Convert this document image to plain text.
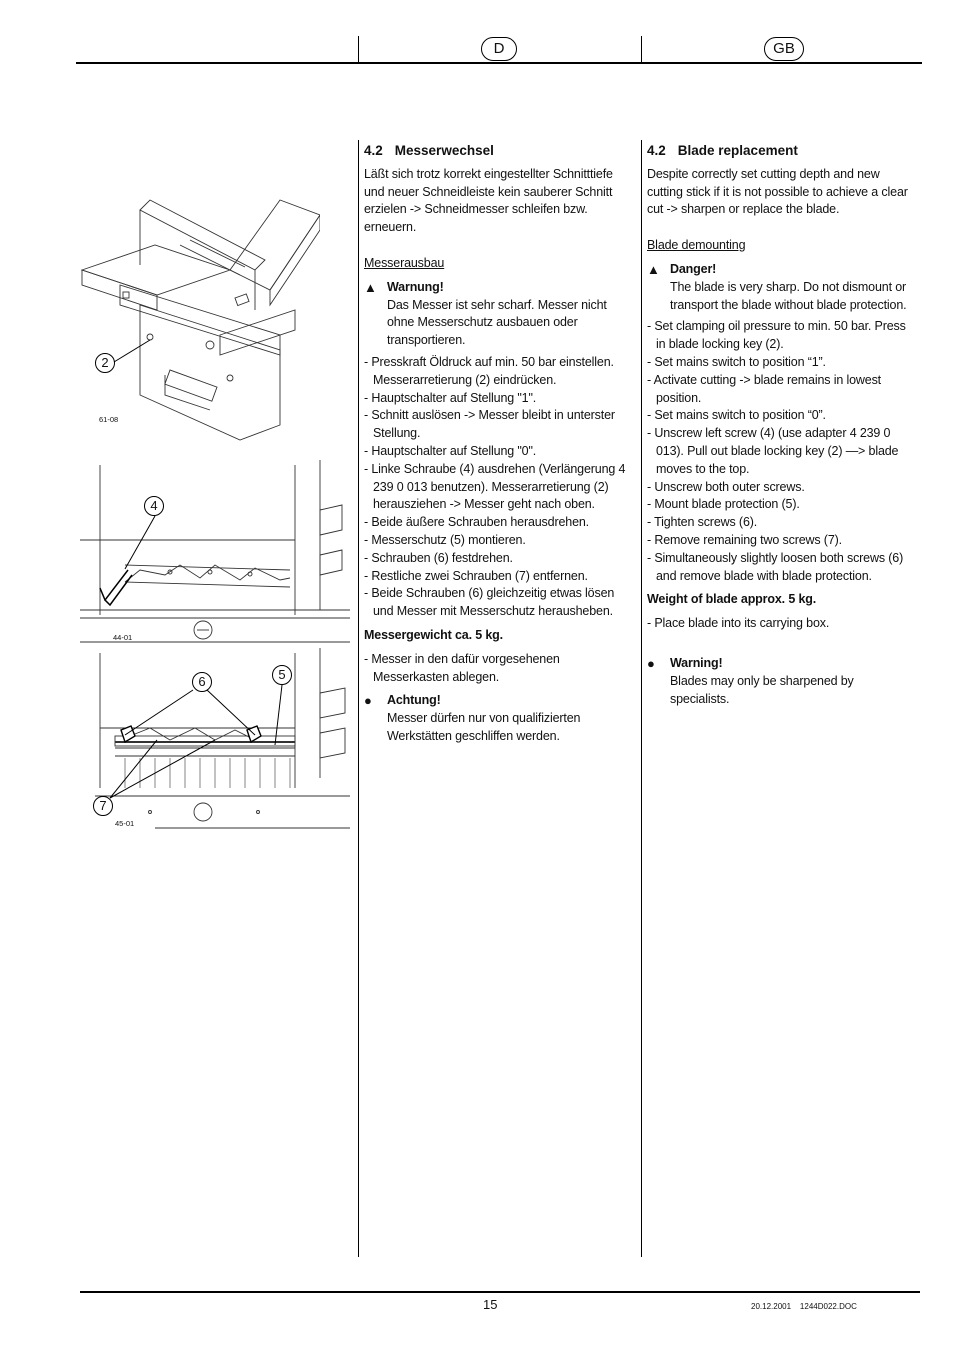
D	GB
2
61-08
4
44-01
6	5
7
45-01
4.2 Messerwechsel

Läßt sich trotz korrekt eingestellter Schnitttiefe und neuer Schneidleiste kein sauberer Schnitt erzielen -> Schneidmesser schleifen bzw. erneuern.

Messerausbau
▲ Warnung!
Das Messer ist sehr scharf. Messer nicht ohne Messerschutz ausbauen oder transportieren.
- Presskraft Öldruck auf min. 50 bar einstellen. Messerarretierung (2) eindrücken.
- Hauptschalter auf Stellung "1".
- Schnitt auslösen -> Messer bleibt in unterster Stellung.
- Hauptschalter auf Stellung "0".
- Linke Schraube (4) ausdrehen (Verlängerung 4 239 0 013 benutzen). Messerarretierung (2) herausziehen -> Messer geht nach oben.
- Beide äußere Schrauben herausdrehen.
- Messerschutz (5) montieren.
- Schrauben (6) festdrehen.
- Restliche zwei Schrauben (7) entfernen.
- Beide Schrauben (6) gleichzeitig etwas lösen und Messer mit Messerschutz herausheben.
Messergewicht ca. 5 kg.
- Messer in den dafür vorgesehenen Messerkasten ablegen.
● Achtung!
Messer dürfen nur von qualifizierten Werkstätten geschliffen werden.
4.2 Blade replacement

Despite correctly set cutting depth and new cutting stick if it is not possible to achieve a clear cut -> sharpen or replace the blade.

Blade demounting
▲ Danger!
The blade is very sharp. Do not dismount or transport the blade without blade protection.
- Set clamping oil pressure to min. 50 bar. Press in blade locking key (2).
- Set mains switch to position “1”.
- Activate cutting -> blade remains in lowest position.
- Set mains switch to position “0”.
- Unscrew left screw (4) (use adapter 4 239 0 013). Pull out blade locking key (2) —> blade moves to the top.
- Unscrew both outer screws.
- Mount blade protection (5).
- Tighten screws (6).
- Remove remaining two screws (7).
- Simultaneously slightly loosen both screws (6) and remove blade with blade protection.
Weight of blade approx. 5 kg.
- Place blade into its carrying box.
● Warning!
Blades may only be sharpened by specialists.
15	20.12.2001    1244D022.DOC
